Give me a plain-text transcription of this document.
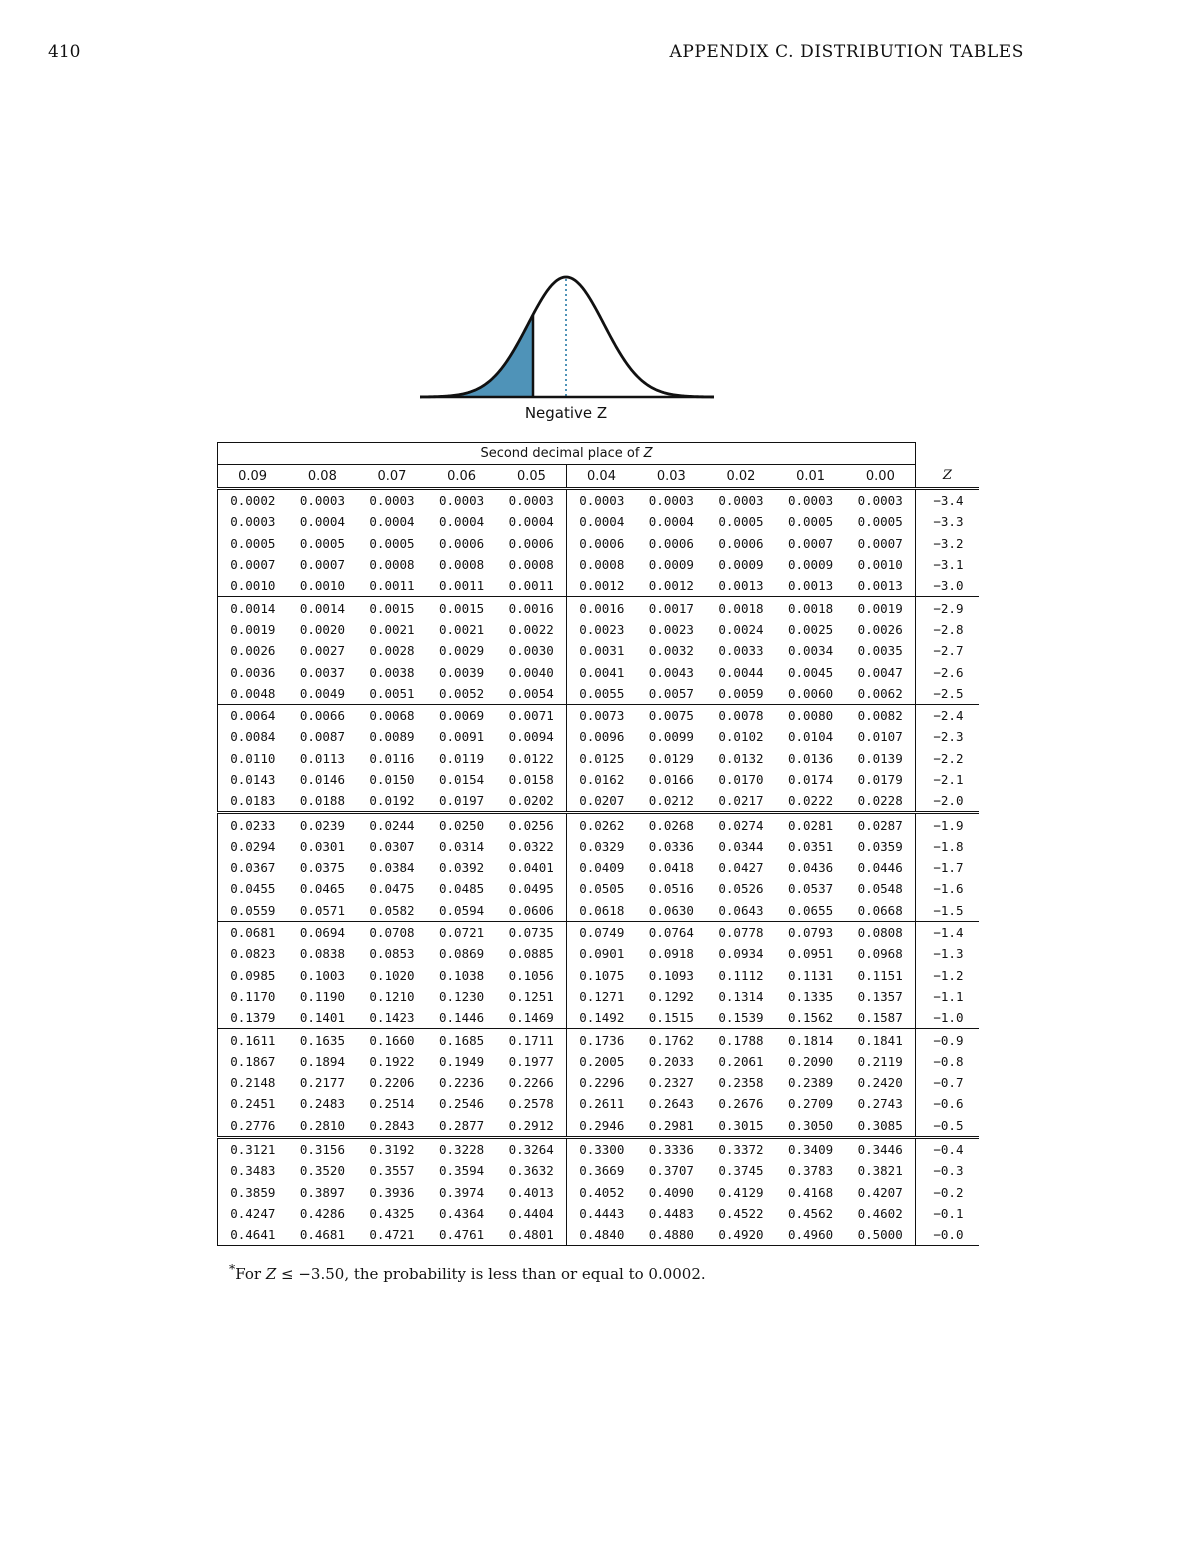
410	APPENDIX C. DISTRIBUTION TABLES
Negative Z
Second decimal place of Z										
0.09	0.08	0.07	0.06	0.05	0.04	0.03	0.02	0.01	0.00	Z
0.0002	0.0003	0.0003	0.0003	0.0003	0.0003	0.0003	0.0003	0.0003	0.0003	−3.4
0.0003	0.0004	0.0004	0.0004	0.0004	0.0004	0.0004	0.0005	0.0005	0.0005	−3.3
0.0005	0.0005	0.0005	0.0006	0.0006	0.0006	0.0006	0.0006	0.0007	0.0007	−3.2
0.0007	0.0007	0.0008	0.0008	0.0008	0.0008	0.0009	0.0009	0.0009	0.0010	−3.1
0.0010	0.0010	0.0011	0.0011	0.0011	0.0012	0.0012	0.0013	0.0013	0.0013	−3.0
0.0014	0.0014	0.0015	0.0015	0.0016	0.0016	0.0017	0.0018	0.0018	0.0019	−2.9
0.0019	0.0020	0.0021	0.0021	0.0022	0.0023	0.0023	0.0024	0.0025	0.0026	−2.8
0.0026	0.0027	0.0028	0.0029	0.0030	0.0031	0.0032	0.0033	0.0034	0.0035	−2.7
0.0036	0.0037	0.0038	0.0039	0.0040	0.0041	0.0043	0.0044	0.0045	0.0047	−2.6
0.0048	0.0049	0.0051	0.0052	0.0054	0.0055	0.0057	0.0059	0.0060	0.0062	−2.5
0.0064	0.0066	0.0068	0.0069	0.0071	0.0073	0.0075	0.0078	0.0080	0.0082	−2.4
0.0084	0.0087	0.0089	0.0091	0.0094	0.0096	0.0099	0.0102	0.0104	0.0107	−2.3
0.0110	0.0113	0.0116	0.0119	0.0122	0.0125	0.0129	0.0132	0.0136	0.0139	−2.2
0.0143	0.0146	0.0150	0.0154	0.0158	0.0162	0.0166	0.0170	0.0174	0.0179	−2.1
0.0183	0.0188	0.0192	0.0197	0.0202	0.0207	0.0212	0.0217	0.0222	0.0228	−2.0
0.0233	0.0239	0.0244	0.0250	0.0256	0.0262	0.0268	0.0274	0.0281	0.0287	−1.9
0.0294	0.0301	0.0307	0.0314	0.0322	0.0329	0.0336	0.0344	0.0351	0.0359	−1.8
0.0367	0.0375	0.0384	0.0392	0.0401	0.0409	0.0418	0.0427	0.0436	0.0446	−1.7
0.0455	0.0465	0.0475	0.0485	0.0495	0.0505	0.0516	0.0526	0.0537	0.0548	−1.6
0.0559	0.0571	0.0582	0.0594	0.0606	0.0618	0.0630	0.0643	0.0655	0.0668	−1.5
0.0681	0.0694	0.0708	0.0721	0.0735	0.0749	0.0764	0.0778	0.0793	0.0808	−1.4
0.0823	0.0838	0.0853	0.0869	0.0885	0.0901	0.0918	0.0934	0.0951	0.0968	−1.3
0.0985	0.1003	0.1020	0.1038	0.1056	0.1075	0.1093	0.1112	0.1131	0.1151	−1.2
0.1170	0.1190	0.1210	0.1230	0.1251	0.1271	0.1292	0.1314	0.1335	0.1357	−1.1
0.1379	0.1401	0.1423	0.1446	0.1469	0.1492	0.1515	0.1539	0.1562	0.1587	−1.0
0.1611	0.1635	0.1660	0.1685	0.1711	0.1736	0.1762	0.1788	0.1814	0.1841	−0.9
0.1867	0.1894	0.1922	0.1949	0.1977	0.2005	0.2033	0.2061	0.2090	0.2119	−0.8
0.2148	0.2177	0.2206	0.2236	0.2266	0.2296	0.2327	0.2358	0.2389	0.2420	−0.7
0.2451	0.2483	0.2514	0.2546	0.2578	0.2611	0.2643	0.2676	0.2709	0.2743	−0.6
0.2776	0.2810	0.2843	0.2877	0.2912	0.2946	0.2981	0.3015	0.3050	0.3085	−0.5
0.3121	0.3156	0.3192	0.3228	0.3264	0.3300	0.3336	0.3372	0.3409	0.3446	−0.4
0.3483	0.3520	0.3557	0.3594	0.3632	0.3669	0.3707	0.3745	0.3783	0.3821	−0.3
0.3859	0.3897	0.3936	0.3974	0.4013	0.4052	0.4090	0.4129	0.4168	0.4207	−0.2
0.4247	0.4286	0.4325	0.4364	0.4404	0.4443	0.4483	0.4522	0.4562	0.4602	−0.1
0.4641	0.4681	0.4721	0.4761	0.4801	0.4840	0.4880	0.4920	0.4960	0.5000	−0.0
*For Z ≤ −3.50, the probability is less than or equal to 0.0002.
